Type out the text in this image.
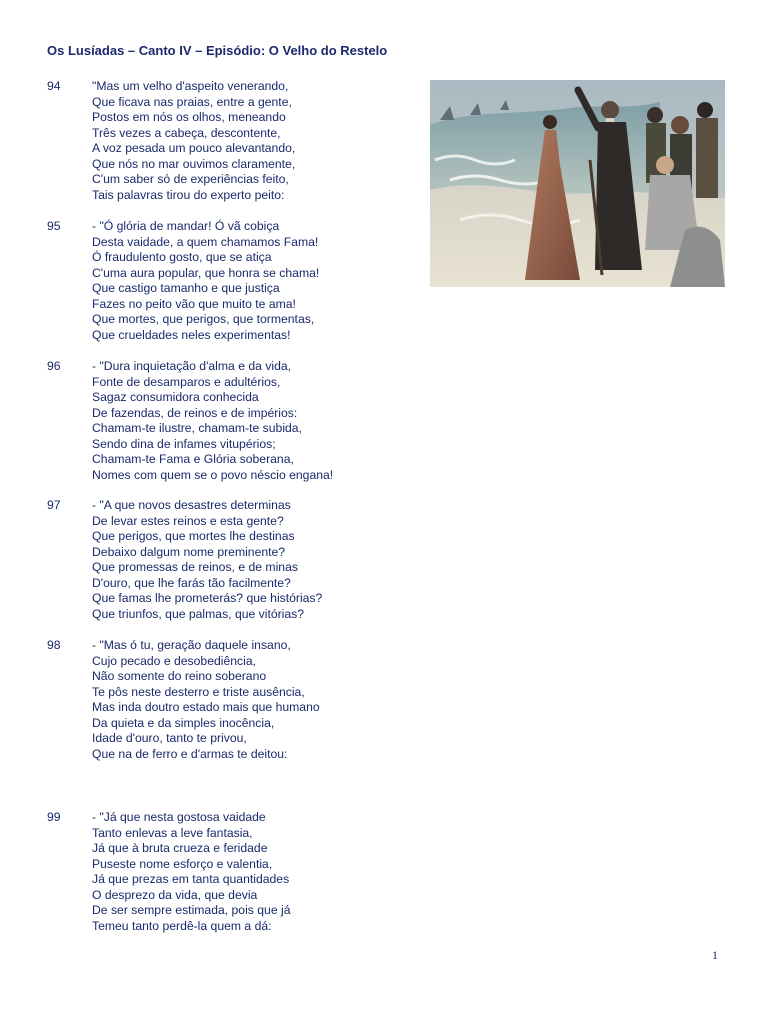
Os Lusíadas – Canto IV – Episódio: O Velho do Restelo
94	"Mas um velho d'aspeito venerando,
Que ficava nas praias, entre a gente,
Postos em nós os olhos, meneando
Três vezes a cabeça, descontente,
A voz pesada um pouco alevantando,
Que nós no mar ouvimos claramente,
C'um saber só de experiências feito,
Tais palavras tirou do experto peito:
95	- "Ó glória de mandar! Ó vã cobiça
Desta vaidade, a quem chamamos Fama!
Ó fraudulento gosto, que se atiça
C'uma aura popular, que honra se chama!
Que castigo tamanho e que justiça
Fazes no peito vão que muito te ama!
Que mortes, que perigos, que tormentas,
Que crueldades neles experimentas!
96	- "Dura inquietação d'alma e da vida,
Fonte de desamparos e adultérios,
Sagaz consumidora conhecida
De fazendas, de reinos e de impérios:
Chamam-te ilustre, chamam-te subida,
Sendo dina de infames vitupérios;
Chamam-te Fama e Glória soberana,
Nomes com quem se o povo néscio engana!
97	- "A que novos desastres determinas
De levar estes reinos e esta gente?
Que perigos, que mortes lhe destinas
Debaixo dalgum nome preminente?
Que promessas de reinos, e de minas
D'ouro, que lhe farás tão facilmente?
Que famas lhe prometerás? que histórias?
Que triunfos, que palmas, que vitórias?
98	- "Mas ó tu, geração daquele insano,
Cujo pecado e desobediência,
Não somente do reino soberano
Te pôs neste desterro e triste ausência,
Mas inda doutro estado mais que humano
Da quieta e da simples inocência,
Idade d'ouro, tanto te privou,
Que na de ferro e d'armas te deitou:
99	- "Já que nesta gostosa vaidade
Tanto enlevas a leve fantasia,
Já que à bruta crueza e feridade
Puseste nome esforço e valentia,
Já que prezas em tanta quantidades
O desprezo da vida, que devia
De ser sempre estimada, pois que já
Temeu tanto perdê-la quem a dá:
1
